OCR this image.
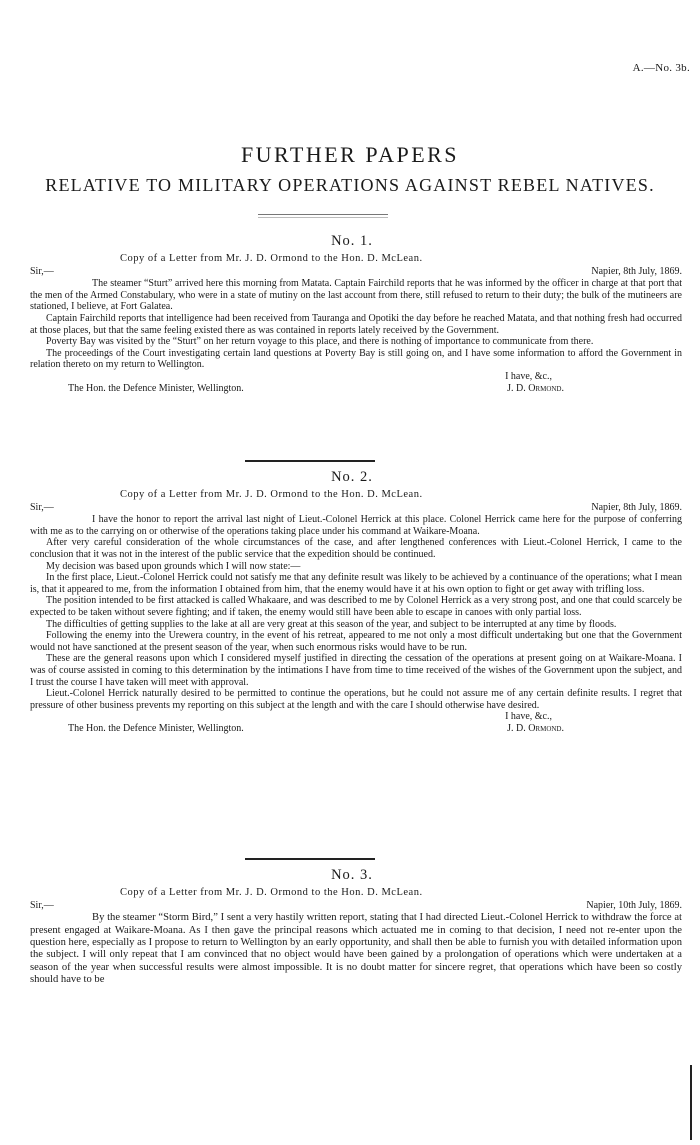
A.—No. 3b.
FURTHER PAPERS
RELATIVE TO MILITARY OPERATIONS AGAINST REBEL NATIVES.
No. 1.
Copy of a Letter from Mr. J. D. Ormond to the Hon. D. McLean.
Sir,—	Napier, 8th July, 1869.

The steamer “Sturt” arrived here this morning from Matata. Captain Fairchild reports that he was informed by the officer in charge at that port that the men of the Armed Constabulary, who were in a state of mutiny on the last account from there, still refused to return to their duty; the bulk of the mutineers are stationed, I believe, at Fort Galatea.

Captain Fairchild reports that intelligence had been received from Tauranga and Opotiki the day before he reached Matata, and that nothing fresh had occurred at those places, but that the same feeling existed there as was contained in reports lately received by the Government.

Poverty Bay was visited by the “Sturt” on her return voyage to this place, and there is nothing of importance to communicate from there.

The proceedings of the Court investigating certain land questions at Poverty Bay is still going on, and I have some information to afford the Government in relation thereto on my return to Wellington.

I have, &c.,
The Hon. the Defence Minister, Wellington.	J. D. Ormond.
No. 2.
Copy of a Letter from Mr. J. D. Ormond to the Hon. D. McLean.
Sir,—	Napier, 8th July, 1869.

I have the honor to report the arrival last night of Lieut.-Colonel Herrick at this place. Colonel Herrick came here for the purpose of conferring with me as to the carrying on or otherwise of the operations taking place under his command at Waikare-Moana.

After very careful consideration of the whole circumstances of the case, and after lengthened conferences with Lieut.-Colonel Herrick, I came to the conclusion that it was not in the interest of the public service that the expedition should be continued.

My decision was based upon grounds which I will now state:—

In the first place, Lieut.-Colonel Herrick could not satisfy me that any definite result was likely to be achieved by a continuance of the operations; what I mean is, that it appeared to me, from the information I obtained from him, that the enemy would have it at his own option to fight or get away with trifling loss.

The position intended to be first attacked is called Whakaare, and was described to me by Colonel Herrick as a very strong post, and one that could scarcely be expected to be taken without severe fighting; and if taken, the enemy would still have been able to escape in canoes with only partial loss.

The difficulties of getting supplies to the lake at all are very great at this season of the year, and subject to be interrupted at any time by floods.

Following the enemy into the Urewera country, in the event of his retreat, appeared to me not only a most difficult undertaking but one that the Government would not have sanctioned at the present season of the year, when such enormous risks would have to be run.

These are the general reasons upon which I considered myself justified in directing the cessation of the operations at present going on at Waikare-Moana. I was of course assisted in coming to this determination by the intimations I have from time to time received of the wishes of the Government upon the subject, and I trust the course I have taken will meet with approval.

Lieut.-Colonel Herrick naturally desired to be permitted to continue the operations, but he could not assure me of any certain definite results. I regret that pressure of other business prevents my reporting on this subject at the length and with the care I should otherwise have desired.

I have, &c.,
The Hon. the Defence Minister, Wellington.	J. D. Ormond.
No. 3.
Copy of a Letter from Mr. J. D. Ormond to the Hon. D. McLean.
Sir,—	Napier, 10th July, 1869.

By the steamer “Storm Bird,” I sent a very hastily written report, stating that I had directed Lieut.-Colonel Herrick to withdraw the force at present engaged at Waikare-Moana. As I then gave the principal reasons which actuated me in coming to that decision, I need not re-enter upon the question here, especially as I propose to return to Wellington by an early opportunity, and shall then be able to furnish you with detailed information upon the subject. I will only repeat that I am convinced that no object would have been gained by a prolongation of operations which were undertaken at a season of the year when successful results were almost impossible. It is no doubt matter for sincere regret, that operations which have been so costly should have to be
